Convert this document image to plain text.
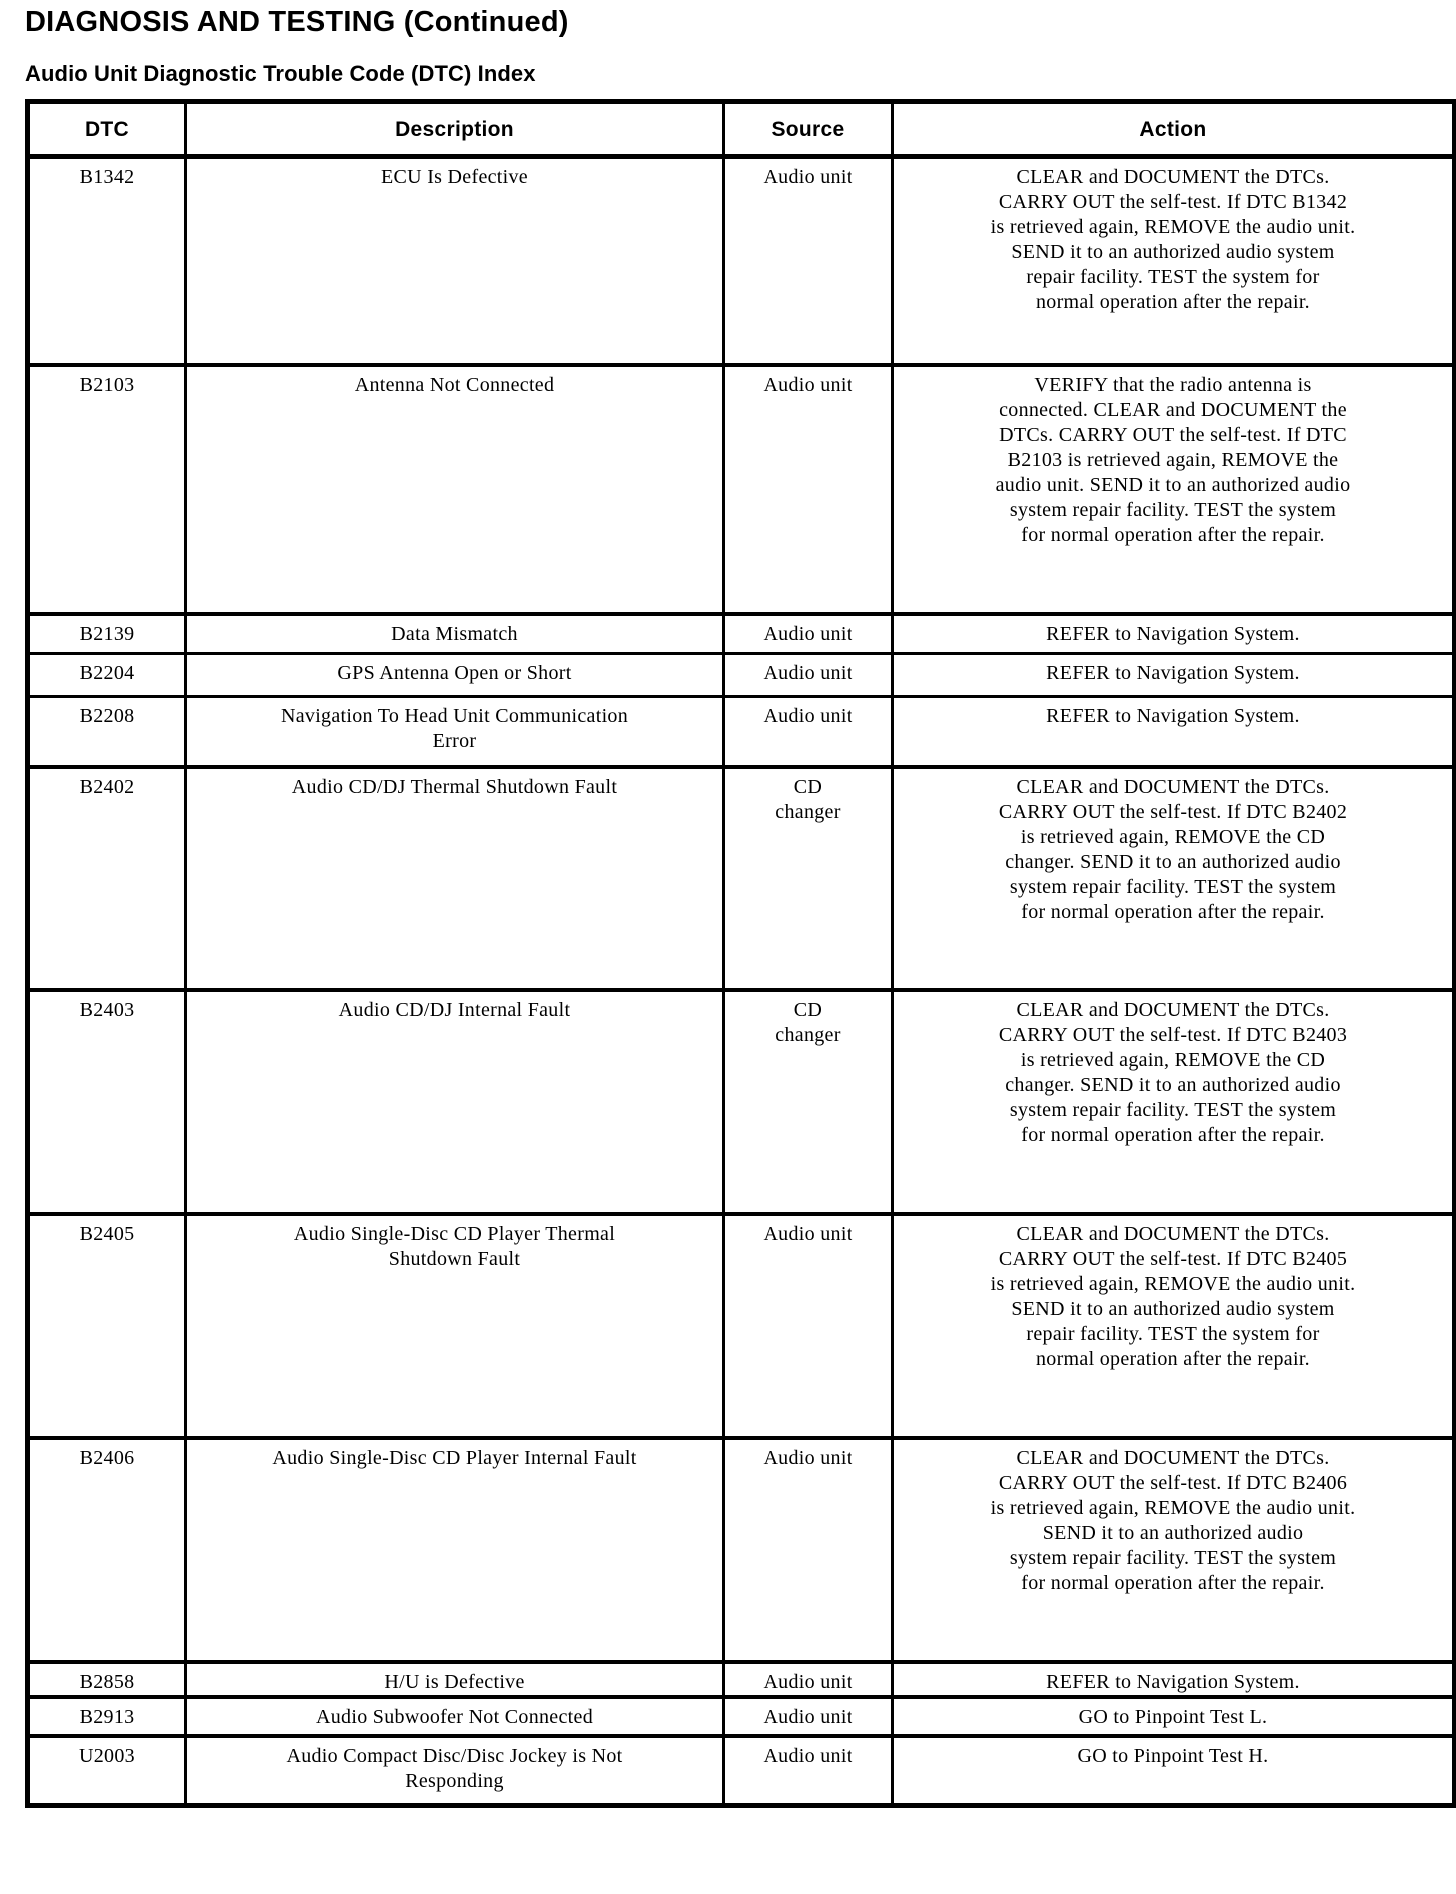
DIAGNOSIS AND TESTING (Continued)
Audio Unit Diagnostic Trouble Code (DTC) Index
DTC	Description	Source	Action
B1342	ECU Is Defective	Audio unit	CLEAR and DOCUMENT the DTCs.
CARRY OUT the self-test. If DTC B1342
is retrieved again, REMOVE the audio unit.
SEND it to an authorized audio system
repair facility. TEST the system for
normal operation after the repair.
B2103	Antenna Not Connected	Audio unit	VERIFY that the radio antenna is
connected. CLEAR and DOCUMENT the
DTCs. CARRY OUT the self-test. If DTC
B2103 is retrieved again, REMOVE the
audio unit. SEND it to an authorized audio
system repair facility. TEST the system
for normal operation after the repair.
B2139	Data Mismatch	Audio unit	REFER to Navigation System.
B2204	GPS Antenna Open or Short	Audio unit	REFER to Navigation System.
B2208	Navigation To Head Unit Communication
Error	Audio unit	REFER to Navigation System.
B2402	Audio CD/DJ Thermal Shutdown Fault	CD
changer	CLEAR and DOCUMENT the DTCs.
CARRY OUT the self-test. If DTC B2402
is retrieved again, REMOVE the CD
changer. SEND it to an authorized audio
system repair facility. TEST the system
for normal operation after the repair.
B2403	Audio CD/DJ Internal Fault	CD
changer	CLEAR and DOCUMENT the DTCs.
CARRY OUT the self-test. If DTC B2403
is retrieved again, REMOVE the CD
changer. SEND it to an authorized audio
system repair facility. TEST the system
for normal operation after the repair.
B2405	Audio Single-Disc CD Player Thermal
Shutdown Fault	Audio unit	CLEAR and DOCUMENT the DTCs.
CARRY OUT the self-test. If DTC B2405
is retrieved again, REMOVE the audio unit.
SEND it to an authorized audio system
repair facility. TEST the system for
normal operation after the repair.
B2406	Audio Single-Disc CD Player Internal Fault	Audio unit	CLEAR and DOCUMENT the DTCs.
CARRY OUT the self-test. If DTC B2406
is retrieved again, REMOVE the audio unit.
SEND it to an authorized audio
system repair facility. TEST the system
for normal operation after the repair.
B2858	H/U is Defective	Audio unit	REFER to Navigation System.
B2913	Audio Subwoofer Not Connected	Audio unit	GO to Pinpoint Test L.
U2003	Audio Compact Disc/Disc Jockey is Not
Responding	Audio unit	GO to Pinpoint Test H.
